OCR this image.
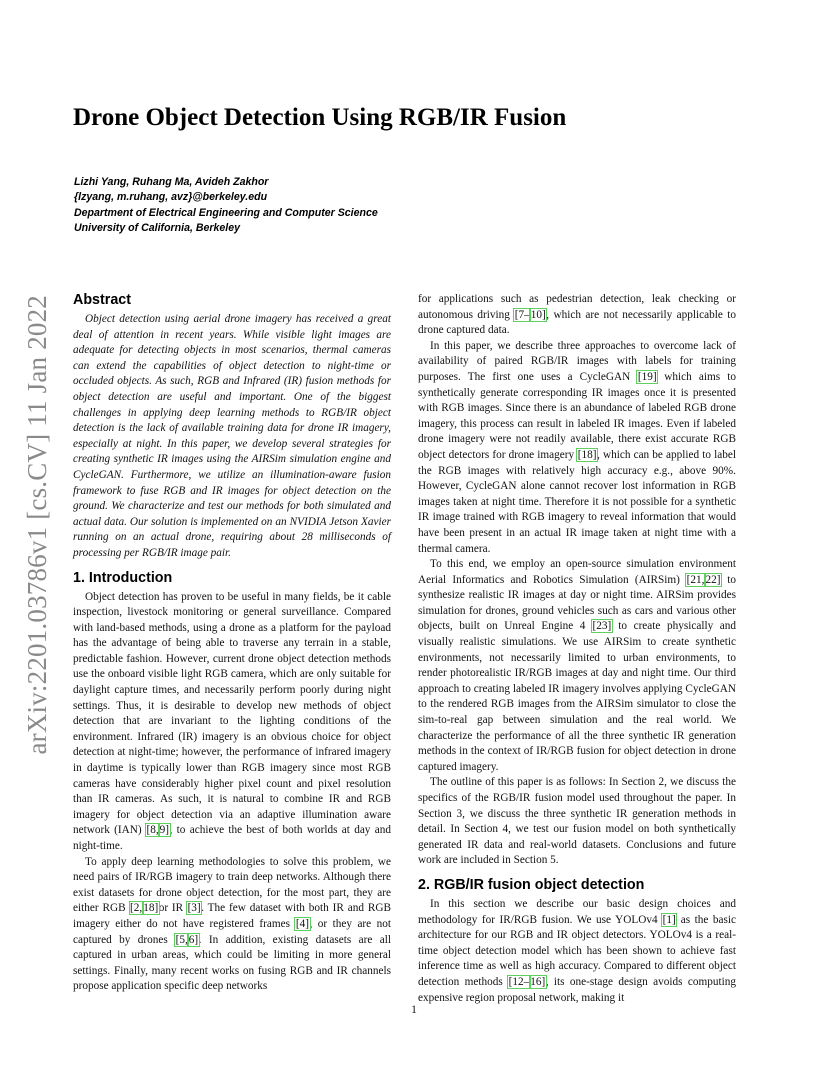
arXiv:2201.03786v1 [cs.CV] 11 Jan 2022
Drone Object Detection Using RGB/IR Fusion
Lizhi Yang, Ruhang Ma, Avideh Zakhor
{lzyang, m.ruhang, avz}@berkeley.edu
Department of Electrical Engineering and Computer Science
University of California, Berkeley
Abstract

Object detection using aerial drone imagery has received a great deal of attention in recent years. While visible light images are adequate for detecting objects in most scenarios, thermal cameras can extend the capabilities of object detection to night-time or occluded objects. As such, RGB and Infrared (IR) fusion methods for object detection are useful and important. One of the biggest challenges in applying deep learning methods to RGB/IR object detection is the lack of available training data for drone IR imagery, especially at night. In this paper, we develop several strategies for creating synthetic IR images using the AIRSim simulation engine and CycleGAN. Furthermore, we utilize an illumination-aware fusion framework to fuse RGB and IR images for object detection on the ground. We characterize and test our methods for both simulated and actual data. Our solution is implemented on an NVIDIA Jetson Xavier running on an actual drone, requiring about 28 milliseconds of processing per RGB/IR image pair.

1. Introduction

Object detection has proven to be useful in many fields, be it cable inspection, livestock monitoring or general surveillance. Compared with land-based methods, using a drone as a platform for the payload has the advantage of being able to traverse any terrain in a stable, predictable fashion. However, current drone object detection methods use the onboard visible light RGB camera, which are only suitable for daylight capture times, and necessarily perform poorly during night settings. Thus, it is desirable to develop new methods of object detection that are invariant to the lighting conditions of the environment. Infrared (IR) imagery is an obvious choice for object detection at night-time; however, the performance of infrared imagery in daytime is typically lower than RGB imagery since most RGB cameras have considerably higher pixel count and pixel resolution than IR cameras. As such, it is natural to combine IR and RGB imagery for object detection via an adaptive illumination aware network (IAN) [8,9], to achieve the best of both worlds at day and night-time.

To apply deep learning methodologies to solve this problem, we need pairs of IR/RGB imagery to train deep networks. Although there exist datasets for drone object detection, for the most part, they are either RGB [2,18]or IR [3]. The few dataset with both IR and RGB imagery either do not have registered frames [4], or they are not captured by drones [5,6]. In addition, existing datasets are all captured in urban areas, which could be limiting in more general settings. Finally, many recent works on fusing RGB and IR channels propose application specific deep networks

for applications such as pedestrian detection, leak checking or autonomous driving [7–10], which are not necessarily applicable to drone captured data.

In this paper, we describe three approaches to overcome lack of availability of paired RGB/IR images with labels for training purposes. The first one uses a CycleGAN [19] which aims to synthetically generate corresponding IR images once it is presented with RGB images. Since there is an abundance of labeled RGB drone imagery, this process can result in labeled IR images. Even if labeled drone imagery were not readily available, there exist accurate RGB object detectors for drone imagery [18], which can be applied to label the RGB images with relatively high accuracy e.g., above 90%. However, CycleGAN alone cannot recover lost information in RGB images taken at night time. Therefore it is not possible for a synthetic IR image trained with RGB imagery to reveal information that would have been present in an actual IR image taken at night time with a thermal camera.

To this end, we employ an open-source simulation environment Aerial Informatics and Robotics Simulation (AIRSim) [21,22] to synthesize realistic IR images at day or night time. AIRSim provides simulation for drones, ground vehicles such as cars and various other objects, built on Unreal Engine 4 [23] to create physically and visually realistic simulations. We use AIRSim to create synthetic environments, not necessarily limited to urban environments, to render photorealistic IR/RGB images at day and night time. Our third approach to creating labeled IR imagery involves applying CycleGAN to the rendered RGB images from the AIRSim simulator to close the sim-to-real gap between simulation and the real world. We characterize the performance of all the three synthetic IR generation methods in the context of IR/RGB fusion for object detection in drone captured imagery.

The outline of this paper is as follows: In Section 2, we discuss the specifics of the RGB/IR fusion model used throughout the paper. In Section 3, we discuss the three synthetic IR generation methods in detail. In Section 4, we test our fusion model on both synthetically generated IR data and real-world datasets. Conclusions and future work are included in Section 5.

2. RGB/IR fusion object detection

In this section we describe our basic design choices and methodology for IR/RGB fusion. We use YOLOv4 [1] as the basic architecture for our RGB and IR object detectors. YOLOv4 is a real-time object detection model which has been shown to achieve fast inference time as well as high accuracy. Compared to different object detection methods [12–16], its one-stage design avoids computing expensive region proposal network, making it

1
